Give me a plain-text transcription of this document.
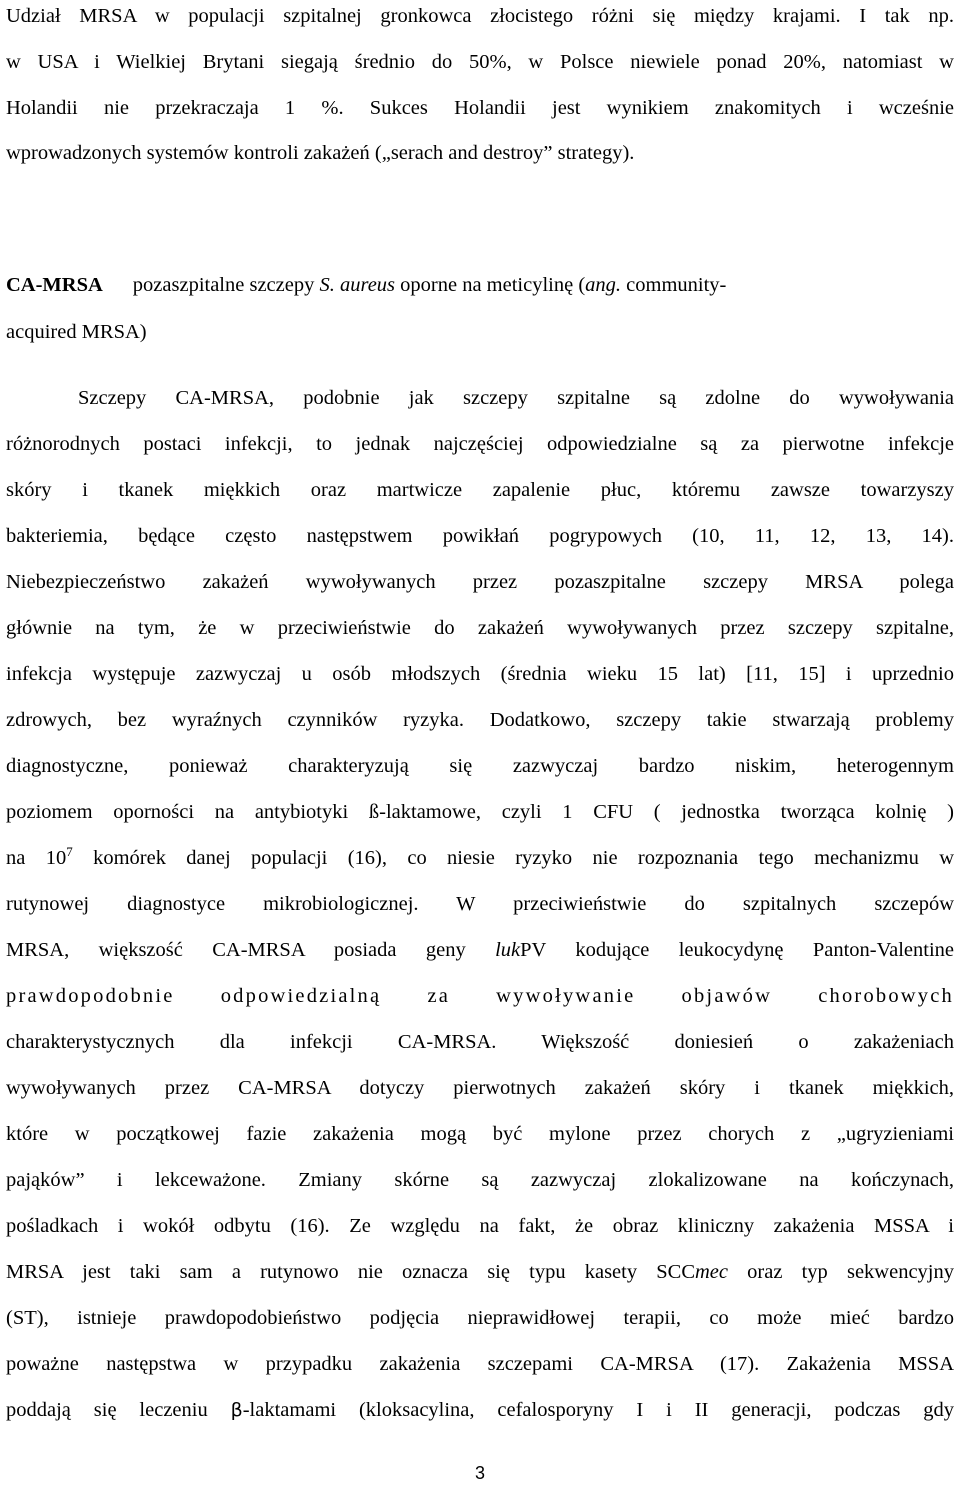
Udział MRSA w populacji szpitalnej gronkowca złocistego różni się między krajami. I tak np.
w USA i Wielkiej Brytani siegają średnio do 50%, w Polsce niewiele ponad 20%, natomiast w
Holandii nie przekraczaja 1 %. Sukces Holandii jest wynikiem znakomitych i wcześnie
wprowadzonych systemów kontroli zakażeń („serach and destroy” strategy).
CA-MRSA pozaszpitalne szczepy S. aureus oporne na meticylinę (ang. community-
acquired MRSA)
Szczepy CA-MRSA, podobnie jak szczepy szpitalne są zdolne do wywoływania
różnorodnych postaci infekcji, to jednak najczęściej odpowiedzialne są za pierwotne infekcje
skóry i tkanek miękkich oraz martwicze zapalenie płuc, któremu zawsze towarzyszy
bakteriemia, będące często następstwem powikłań pogrypowych (10, 11, 12, 13, 14).
Niebezpieczeństwo zakażeń wywoływanych przez pozaszpitalne szczepy MRSA polega
głównie na tym, że w przeciwieństwie do zakażeń wywoływanych przez szczepy szpitalne,
infekcja występuje zazwyczaj u osób młodszych (średnia wieku 15 lat) [11, 15] i uprzednio
zdrowych, bez wyraźnych czynników ryzyka. Dodatkowo, szczepy takie stwarzają problemy
diagnostyczne, ponieważ charakteryzują się zazwyczaj bardzo niskim, heterogennym
poziomem oporności na antybiotyki ß-laktamowe, czyli 1 CFU ( jednostka tworząca kolnię )
na $10^7$ komórek danej populacji (16), co niesie ryzyko nie rozpoznania tego mechanizmu w
rutynowej diagnostyce mikrobiologicznej. W przeciwieństwie do szpitalnych szczepów
MRSA, większość CA-MRSA posiada geny lukPV kodujące leukocydynę Panton-Valentine
prawdopodobnie odpowiedzialną za wywoływanie objawów chorobowych
charakterystycznych dla infekcji CA-MRSA. Większość doniesień o zakażeniach
wywoływanych przez CA-MRSA dotyczy pierwotnych zakażeń skóry i tkanek miękkich,
które w początkowej fazie zakażenia mogą być mylone przez chorych z „ugryzieniami
pająków” i lekceważone. Zmiany skórne są zazwyczaj zlokalizowane na kończynach,
pośladkach i wokół odbytu (16). Ze względu na fakt, że obraz kliniczny zakażenia MSSA i
MRSA jest taki sam a rutynowo nie oznacza się typu kasety SCCmec oraz typ sekwencyjny
(ST), istnieje prawdopodobieństwo podjęcia nieprawidłowej terapii, co może mieć bardzo
poważne następstwa w przypadku zakażenia szczepami CA-MRSA (17). Zakażenia MSSA
poddają się leczeniu β-laktamami (kloksacylina, cefalosporyny I i II generacji, podczas gdy
3
